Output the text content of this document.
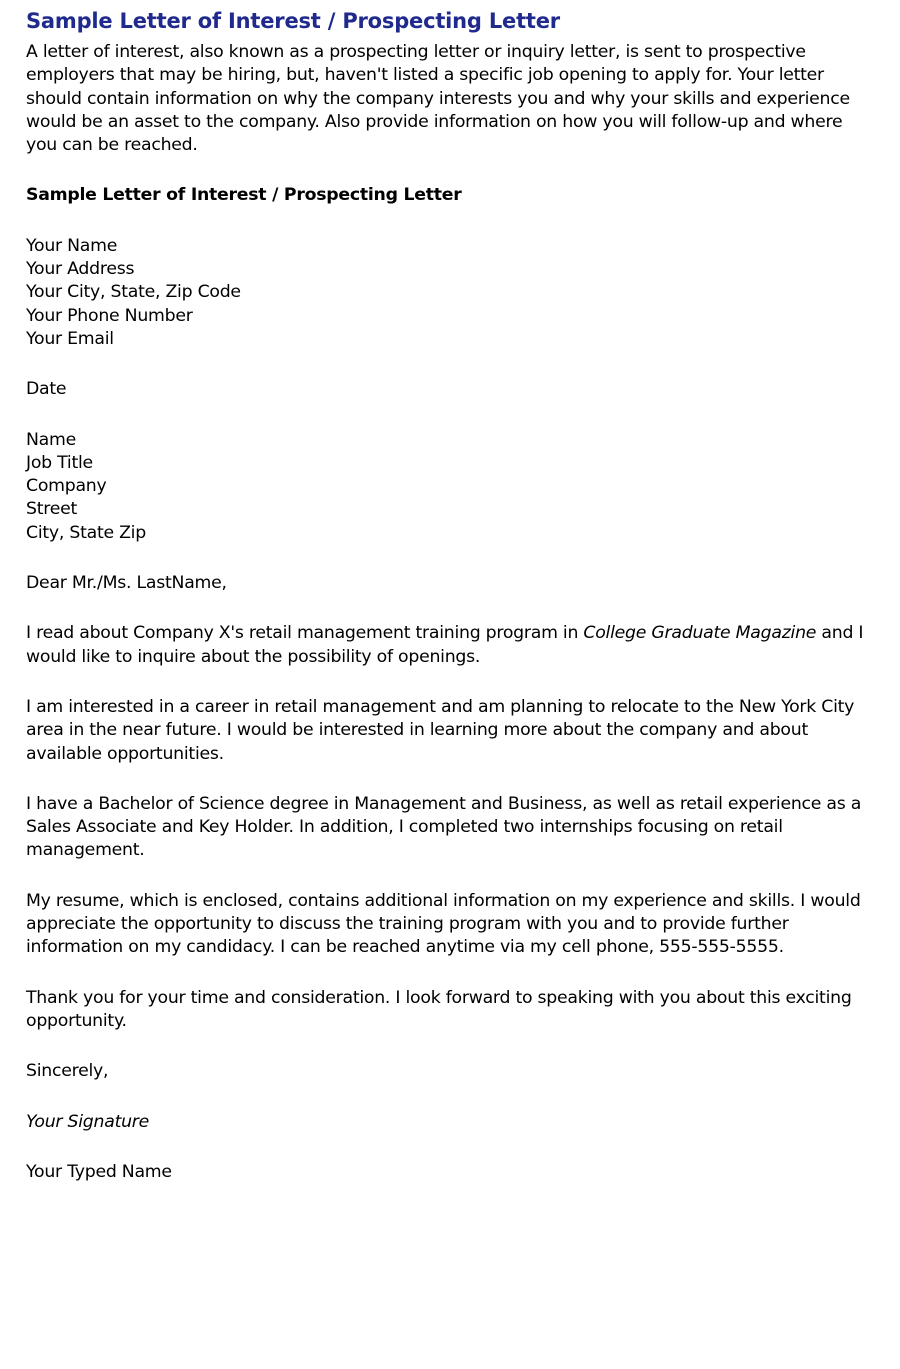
Sample Letter of Interest / Prospecting Letter

A letter of interest, also known as a prospecting letter or inquiry letter, is sent to prospective employers that may be hiring, but, haven't listed a specific job opening to apply for. Your letter should contain information on why the company interests you and why your skills and experience would be an asset to the company. Also provide information on how you will follow-up and where you can be reached.

Sample Letter of Interest / Prospecting Letter

Your Name
Your Address
Your City, State, Zip Code
Your Phone Number
Your Email

Date

Name
Job Title
Company
Street
City, State Zip

Dear Mr./Ms. LastName,

I read about Company X's retail management training program in College Graduate Magazine and I would like to inquire about the possibility of openings.

I am interested in a career in retail management and am planning to relocate to the New York City area in the near future. I would be interested in learning more about the company and about available opportunities.

I have a Bachelor of Science degree in Management and Business, as well as retail experience as a Sales Associate and Key Holder. In addition, I completed two internships focusing on retail management.

My resume, which is enclosed, contains additional information on my experience and skills. I would appreciate the opportunity to discuss the training program with you and to provide further information on my candidacy. I can be reached anytime via my cell phone, 555-555-5555.

Thank you for your time and consideration. I look forward to speaking with you about this exciting opportunity.

Sincerely,

Your Signature

Your Typed Name
